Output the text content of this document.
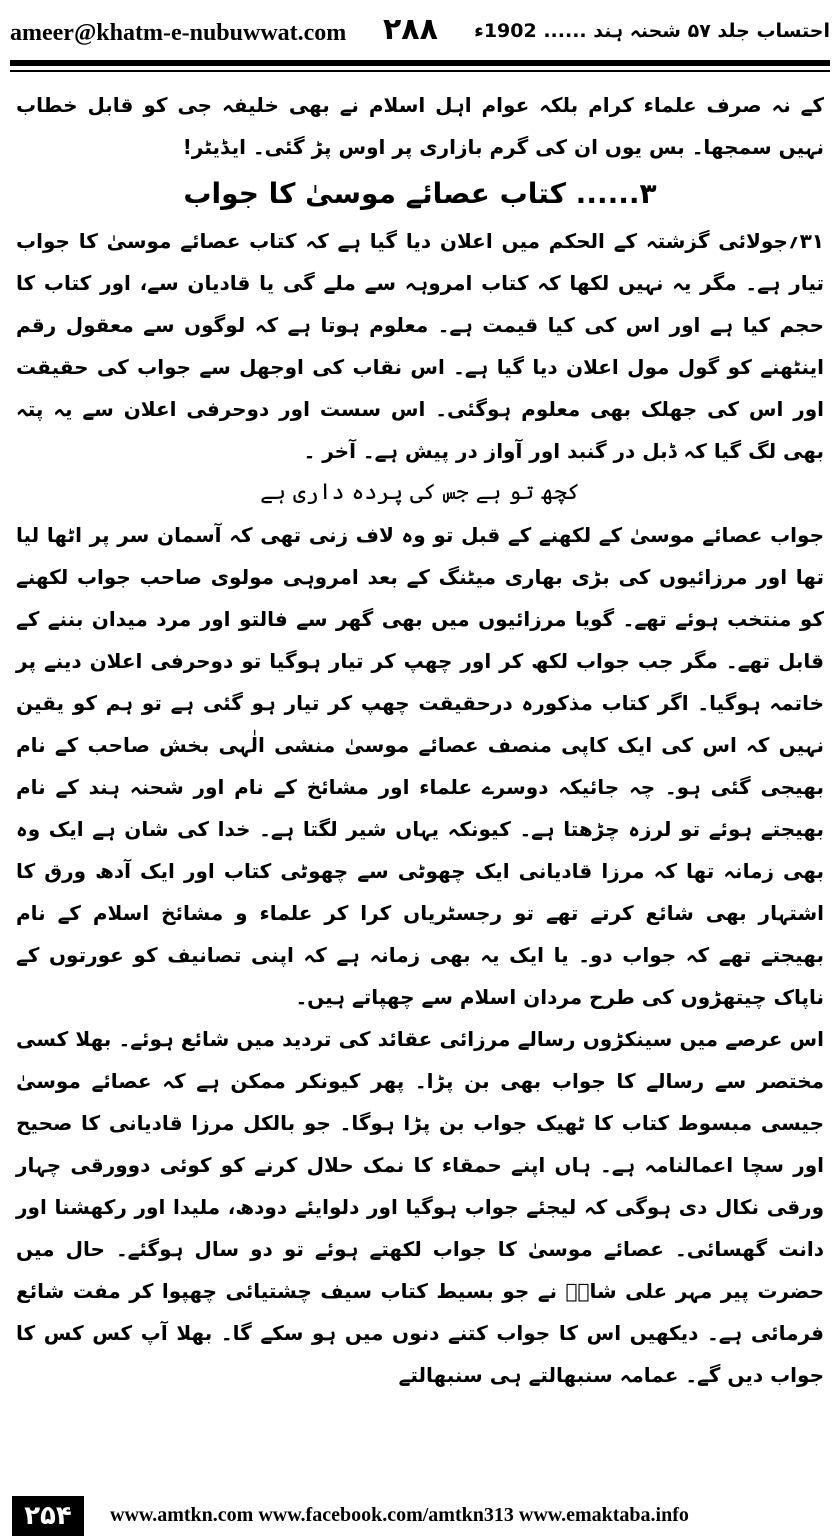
ameer@khatm-e-nubuwwat.com ۲۸۸ احتساب جلد ۵۷ شحنہ ہند ...... 1902ء

کے نہ صرف علماء کرام بلکہ عوام اہل اسلام نے بھی خلیفہ جی کو قابل خطاب نہیں سمجھا۔ بس یوں ان کی گرم بازاری پر اوس پڑ گئی۔ ایڈیٹر!

۳...... کتاب عصائے موسیٰ کا جواب

۳۱؍جولائی گزشتہ کے الحکم میں اعلان دیا گیا ہے کہ کتاب عصائے موسیٰ کا جواب تیار ہے۔ مگر یہ نہیں لکھا کہ کتاب امروہہ سے ملے گی یا قادیان سے، اور کتاب کا حجم کیا ہے اور اس کی کیا قیمت ہے۔ معلوم ہوتا ہے کہ لوگوں سے معقول رقم اینٹھنے کو گول مول اعلان دیا گیا ہے۔ اس نقاب کی اوجھل سے جواب کی حقیقت اور اس کی جھلک بھی معلوم ہوگئی۔ اس سست اور دوحرفی اعلان سے یہ پتہ بھی لگ گیا کہ ڈبل در گنبد اور آواز در پیش ہے۔ آخر ۔

کچھ تو ہے جس کی پردہ داری ہے

جواب عصائے موسیٰ کے لکھنے کے قبل تو وہ لاف زنی تھی کہ آسمان سر پر اٹھا لیا تھا اور مرزائیوں کی بڑی بھاری میٹنگ کے بعد امروہی مولوی صاحب جواب لکھنے کو منتخب ہوئے تھے۔ گویا مرزائیوں میں بھی گھر سے فالتو اور مرد میدان بننے کے قابل تھے۔ مگر جب جواب لکھ کر اور چھپ کر تیار ہوگیا تو دوحرفی اعلان دینے پر خاتمہ ہوگیا۔ اگر کتاب مذکورہ درحقیقت چھپ کر تیار ہو گئی ہے تو ہم کو یقین نہیں کہ اس کی ایک کاپی منصف عصائے موسیٰ منشی الٰہی بخش صاحب کے نام بھیجی گئی ہو۔ چہ جائیکہ دوسرے علماء اور مشائخ کے نام اور شحنہ ہند کے نام بھیجتے ہوئے تو لرزہ چڑھتا ہے۔ کیونکہ یہاں شیر لگتا ہے۔ خدا کی شان ہے ایک وہ بھی زمانہ تھا کہ مرزا قادیانی ایک چھوٹی سے چھوٹی کتاب اور ایک آدھ ورق کا اشتہار بھی شائع کرتے تھے تو رجسٹریاں کرا کر علماء و مشائخ اسلام کے نام بھیجتے تھے کہ جواب دو۔ یا ایک یہ بھی زمانہ ہے کہ اپنی تصانیف کو عورتوں کے ناپاک چیتھڑوں کی طرح مردان اسلام سے چھپاتے ہیں۔

اس عرصے میں سینکڑوں رسالے مرزائی عقائد کی تردید میں شائع ہوئے۔ بھلا کسی مختصر سے رسالے کا جواب بھی بن پڑا۔ پھر کیونکر ممکن ہے کہ عصائے موسیٰ جیسی مبسوط کتاب کا ٹھیک جواب بن پڑا ہوگا۔ جو بالکل مرزا قادیانی کا صحیح اور سچا اعمالنامہ ہے۔ ہاں اپنے حمقاء کا نمک حلال کرنے کو کوئی دوورقی چہار ورقی نکال دی ہوگی کہ لیجئے جواب ہوگیا اور دلوایئے دودھ، ملیدا اور رکھشنا اور دانت گھسائی۔ عصائے موسیٰ کا جواب لکھتے ہوئے تو دو سال ہوگئے۔ حال میں حضرت پیر مہر علی شاہؒ نے جو بسیط کتاب سیف چشتیائی چھپوا کر مفت شائع فرمائی ہے۔ دیکھیں اس کا جواب کتنے دنوں میں ہو سکے گا۔ بھلا آپ کس کس کا جواب دیں گے۔ عمامہ سنبھالتے ہی سنبھالتے

۲۵۴	www.amtkn.com www.facebook.com/amtkn313 www.emaktaba.info
